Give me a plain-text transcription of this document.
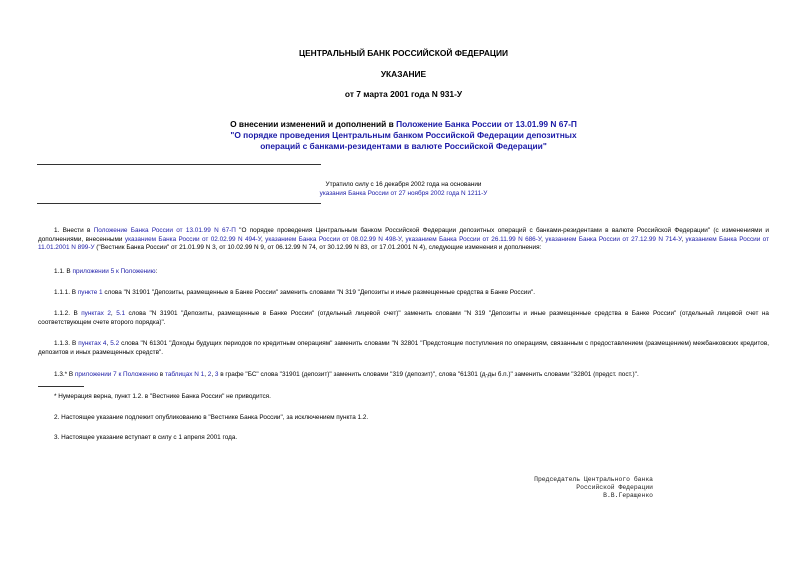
ЦЕНТРАЛЬНЫЙ БАНК РОССИЙСКОЙ ФЕДЕРАЦИИ
УКАЗАНИЕ
от 7 марта 2001 года N 931-У
О внесении изменений и дополнений в Положение Банка России от 13.01.99 N 67-П
"О порядке проведения Центральным банком Российской Федерации депозитных
операций с банками-резидентами в валюте Российской Федерации"
Утратило силу с 16 декабря 2002 года на основании
указания Банка России от 27 ноября 2002 года N 1211-У
1. Внести в Положение Банка России от 13.01.99 N 67-П "О порядке проведения Центральным банком Российской Федерации депозитных операций с банками-резидентами в валюте Российской Федерации" (с изменениями и дополнениями, внесенными указанием Банка России от 02.02.99 N 494-У, указанием Банка России от 08.02.99 N 498-У, указанием Банка России от 26.11.99 N 686-У, указанием Банка России от 27.12.99 N 714-У, указанием Банка России от 11.01.2001 N 899-У ("Вестник Банка России" от 21.01.99 N 3, от 10.02.99 N 9, от 06.12.99 N 74, от 30.12.99 N 83, от 17.01.2001 N 4), следующие изменения и дополнения:
1.1. В приложении 5 к Положению:
1.1.1. В пункте 1 слова "N 31901 "Депозиты, размещенные в Банке России" заменить словами "N 319 "Депозиты и иные размещенные средства в Банке России".
1.1.2. В пунктах 2, 5.1 слова "N 31901 "Депозиты, размещенные в Банке России" (отдельный лицевой счет)" заменить словами "N 319 "Депозиты и иные размещенные средства в Банке России" (отдельный лицевой счет на соответствующем счете второго порядка)".
1.1.3. В пунктах 4, 5.2 слова "N 61301 "Доходы будущих периодов по кредитным операциям" заменить словами "N 32801 "Предстоящие поступления по операциям, связанным с предоставлением (размещением) межбанковских кредитов, депозитов и иных размещенных средств".
1.3.* В приложении 7 к Положению в таблицах N 1, 2, 3 в графе "БС" слова "31901 (депозит)" заменить словами "319 (депозит)", слова "61301 (д-ды б.п.)" заменить словами "32801 (предст. пост.)".
* Нумерация верна, пункт 1.2. в "Вестнике Банка России" не приводится.
2. Настоящее указание подлежит опубликованию в "Вестнике Банка России", за исключением пункта 1.2.
3. Настоящее указание вступает в силу с 1 апреля 2001 года.
Председатель Центрального банка
Российской Федерации
В.В.Геращенко
